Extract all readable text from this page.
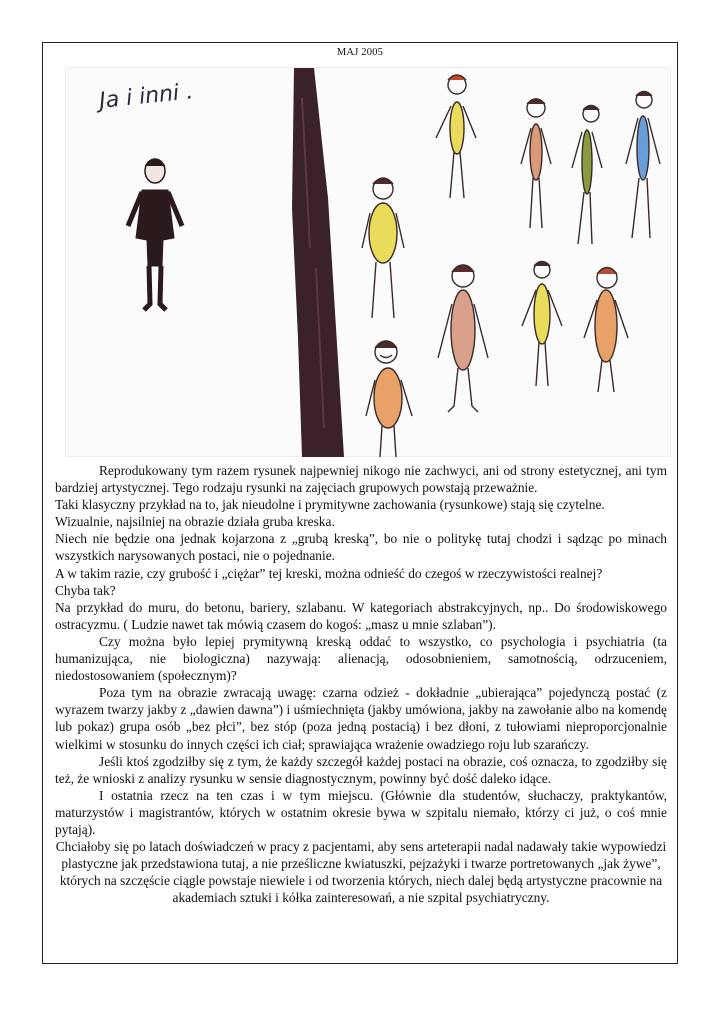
MAJ 2005
Ja i inni .

Reprodukowany tym razem rysunek najpewniej nikogo nie zachwyci, ani od strony estetycznej, ani tym bardziej artystycznej. Tego rodzaju rysunki na zajęciach grupowych powstają przeważnie.

Taki klasyczny przykład na to, jak nieudolne i prymitywne zachowania (rysunkowe) stają się czytelne.

Wizualnie, najsilniej na obrazie działa gruba kreska.

Niech nie będzie ona jednak kojarzona z „grubą kreską”, bo nie o politykę tutaj chodzi i sądząc po minach wszystkich narysowanych postaci, nie o pojednanie.

A w takim razie, czy grubość i „ciężar” tej kreski, można odnieść do czegoś w rzeczywistości realnej?

Chyba tak?

Na przykład do muru, do betonu, bariery, szlabanu. W kategoriach abstrakcyjnych, np.. Do środowiskowego ostracyzmu. ( Ludzie nawet tak mówią czasem do kogoś: „masz u mnie szlaban”).

Czy można było lepiej prymitywną kreską oddać to wszystko, co psychologia i psychiatria (ta humanizująca, nie biologiczna) nazywają: alienacją, odosobnieniem, samotnością, odrzuceniem, niedostosowaniem (społecznym)?

Poza tym na obrazie zwracają uwagę: czarna odzież - dokładnie „ubierająca” pojedynczą postać (z wyrazem twarzy jakby z „dawien dawna”) i uśmiechnięta (jakby umówiona, jakby na zawołanie albo na komendę lub pokaz) grupa osób „bez płci”, bez stóp (poza jedną postacią) i bez dłoni, z tułowiami nieproporcjonalnie wielkimi w stosunku do innych części ich ciał; sprawiająca wrażenie owadziego roju lub szarańczy.

Jeśli ktoś zgodziłby się z tym, że każdy szczegół każdej postaci na obrazie, coś oznacza, to zgodziłby się też, że wnioski z analizy rysunku w sensie diagnostycznym, powinny być dość daleko idące.

I ostatnia rzecz na ten czas i w tym miejscu. (Głównie dla studentów, słuchaczy, praktykantów, maturzystów i magistrantów, których w ostatnim okresie bywa w szpitalu niemało, którzy ci już, o coś mnie pytają).

Chciałoby się po latach doświadczeń w pracy z pacjentami, aby sens arteterapii nadal nadawały takie wypowiedzi plastyczne jak przedstawiona tutaj, a nie prześliczne kwiatuszki, pejzażyki i twarze portretowanych „jak żywe”, których na szczęście ciągle powstaje niewiele i od tworzenia których, niech dalej będą artystyczne pracownie na akademiach sztuki i kółka zainteresowań, a nie szpital psychiatryczny.
